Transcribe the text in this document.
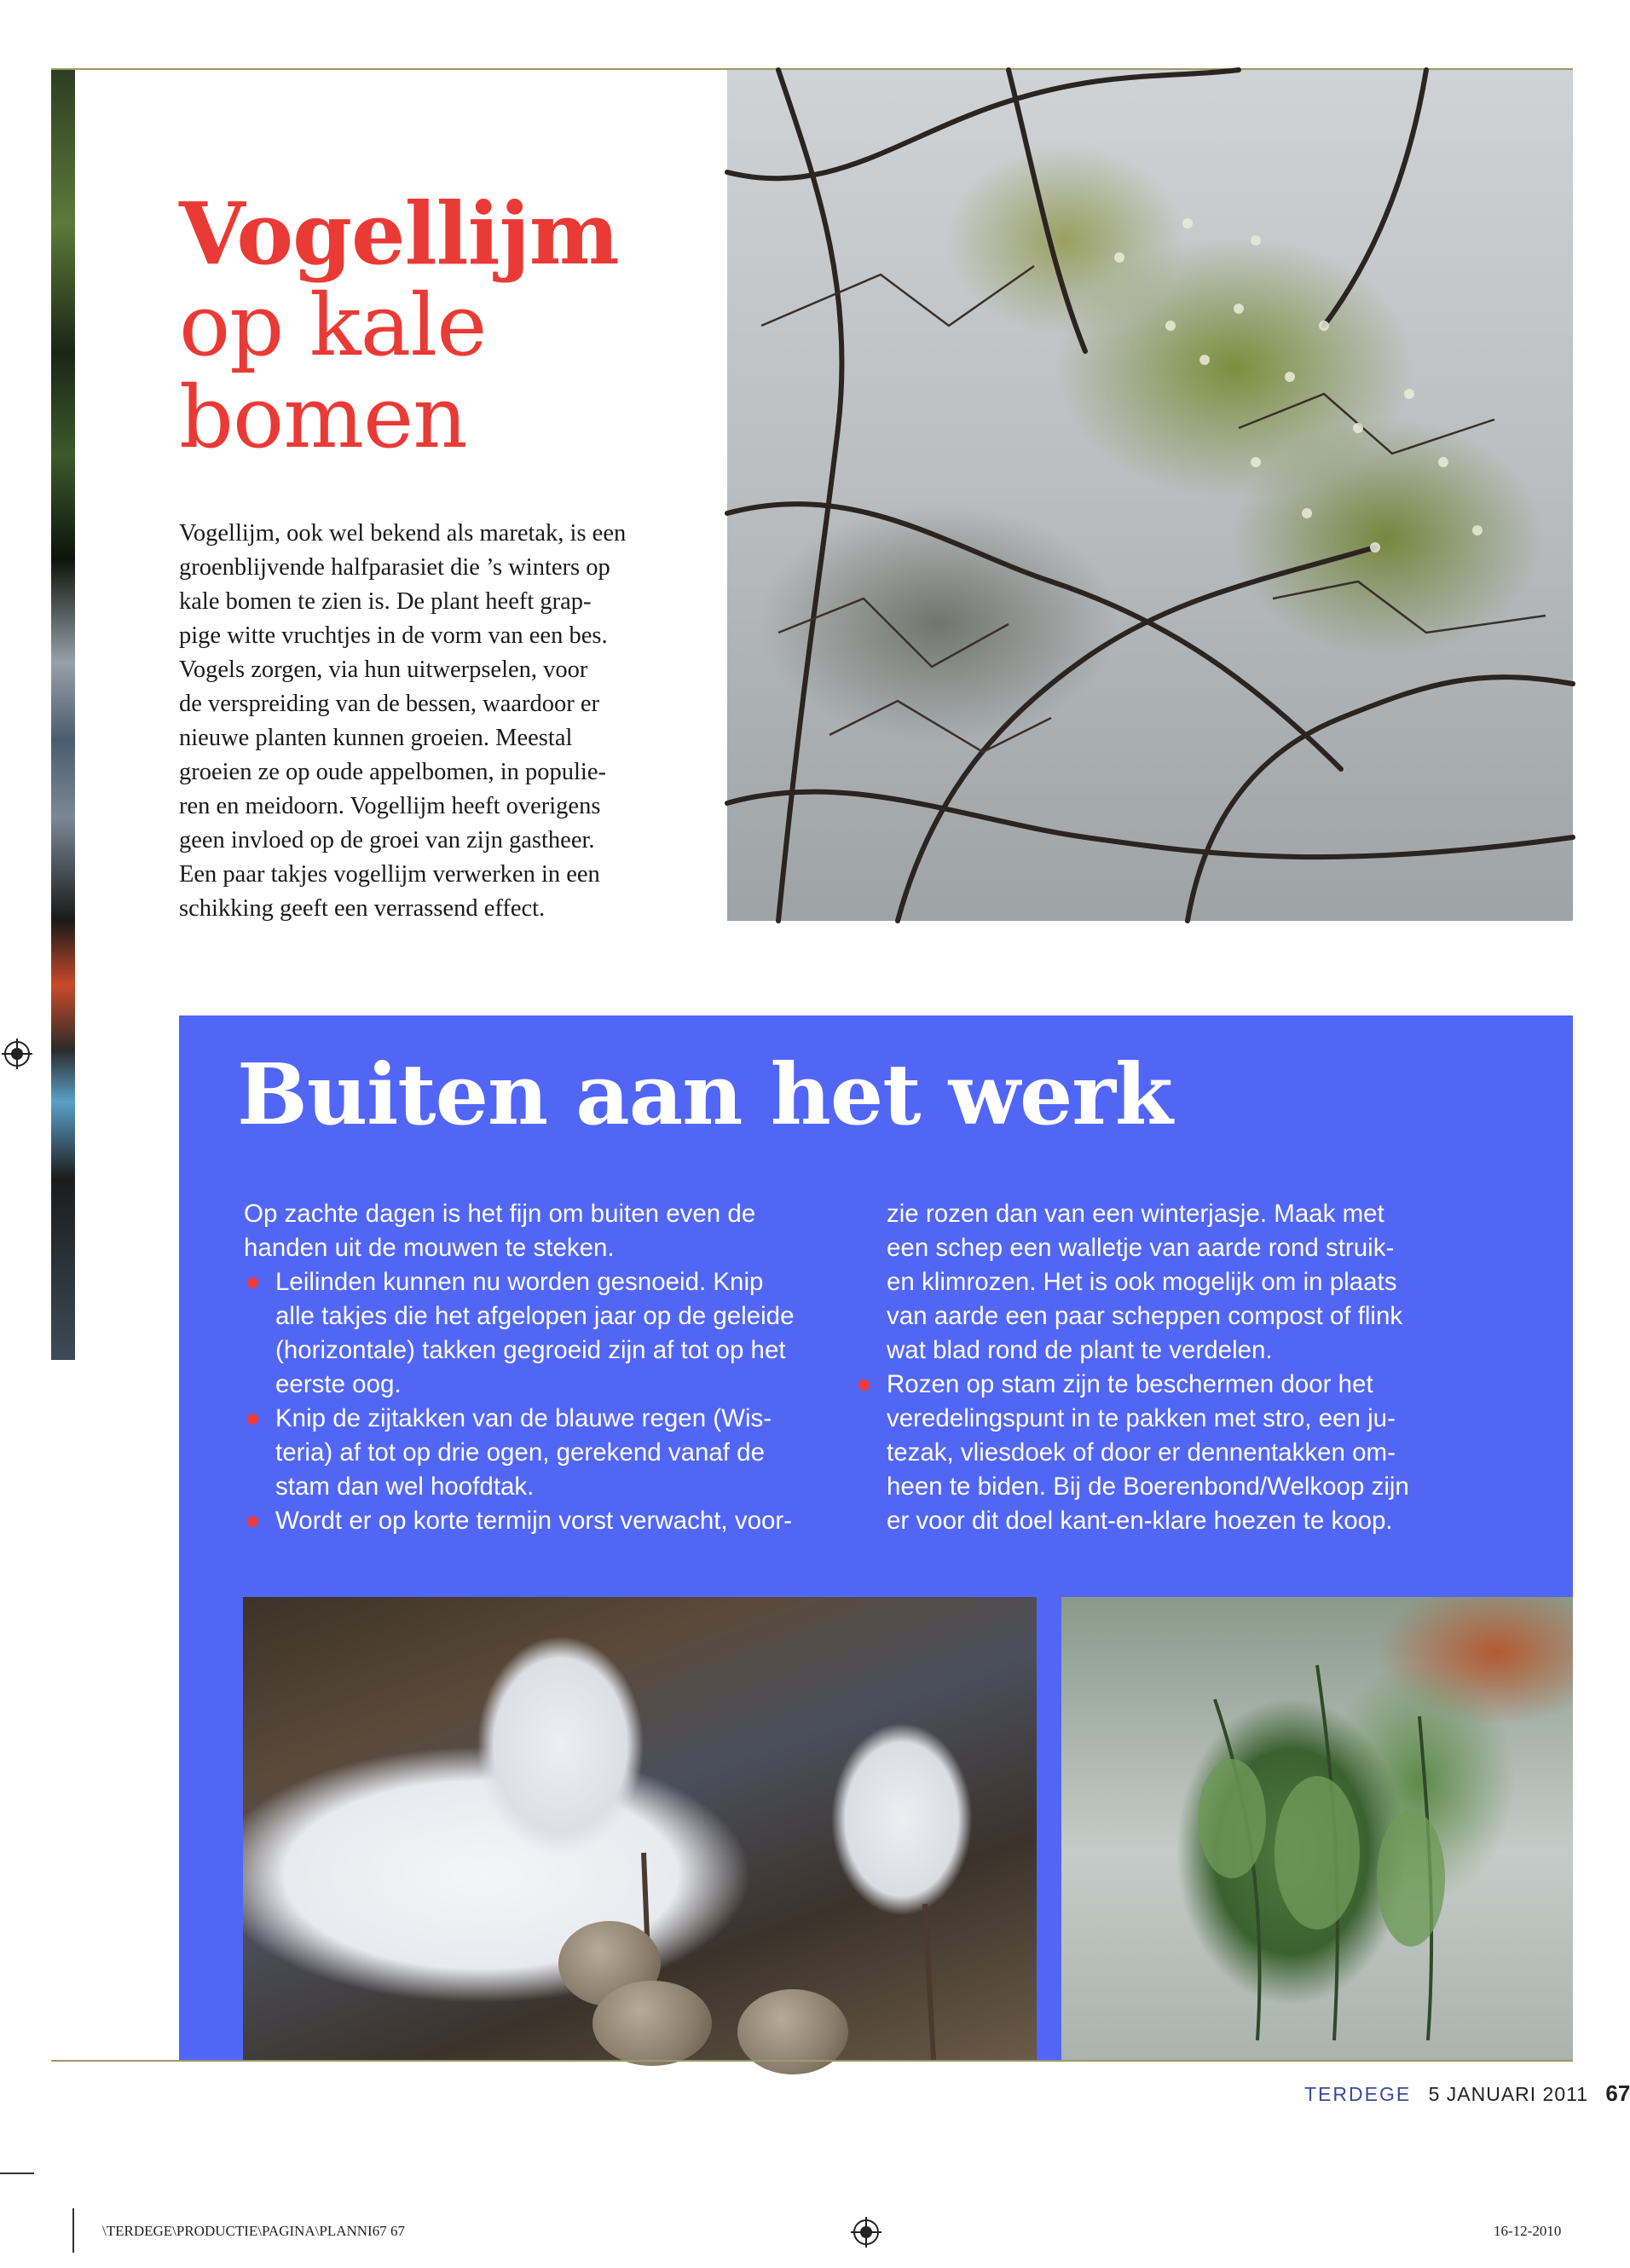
Vogellijm
op kale
bomen
Vogellijm, ook wel bekend als maretak, is een
groenblijvende halfparasiet die ’s winters op
kale bomen te zien is. De plant heeft grap-
pige witte vruchtjes in de vorm van een bes.
Vogels zorgen, via hun uitwerpselen, voor
de verspreiding van de bessen, waardoor er
nieuwe planten kunnen groeien. Meestal
groeien ze op oude appelbomen, in populie-
ren en meidoorn. Vogellijm heeft overigens
geen invloed op de groei van zijn gastheer.
Een paar takjes vogellijm verwerken in een
schikking geeft een verrassend effect.
Buiten aan het werk
Op zachte dagen is het fijn om buiten even de
handen uit de mouwen te steken.
Leilinden kunnen nu worden gesnoeid. Knip
alle takjes die het afgelopen jaar op de geleide
(horizontale) takken gegroeid zijn af tot op het
eerste oog.
Knip de zijtakken van de blauwe regen (Wis-
teria) af tot op drie ogen, gerekend vanaf de
stam dan wel hoofdtak.
Wordt er op korte termijn vorst verwacht, voor-
zie rozen dan van een winterjasje. Maak met
een schep een walletje van aarde rond struik-
en klimrozen. Het is ook mogelijk om in plaats
van aarde een paar scheppen compost of flink
wat blad rond de plant te verdelen.
Rozen op stam zijn te beschermen door het
veredelingspunt in te pakken met stro, een ju-
tezak, vliesdoek of door er dennentakken om-
heen te biden. Bij de Boerenbond/Welkoop zijn
er voor dit doel kant-en-klare hoezen te koop.
TERDEGE 5 JANUARI 2011 67
\TERDEGE\PRODUCTIE\PAGINA\PLANNI67 67	16-12-2010
